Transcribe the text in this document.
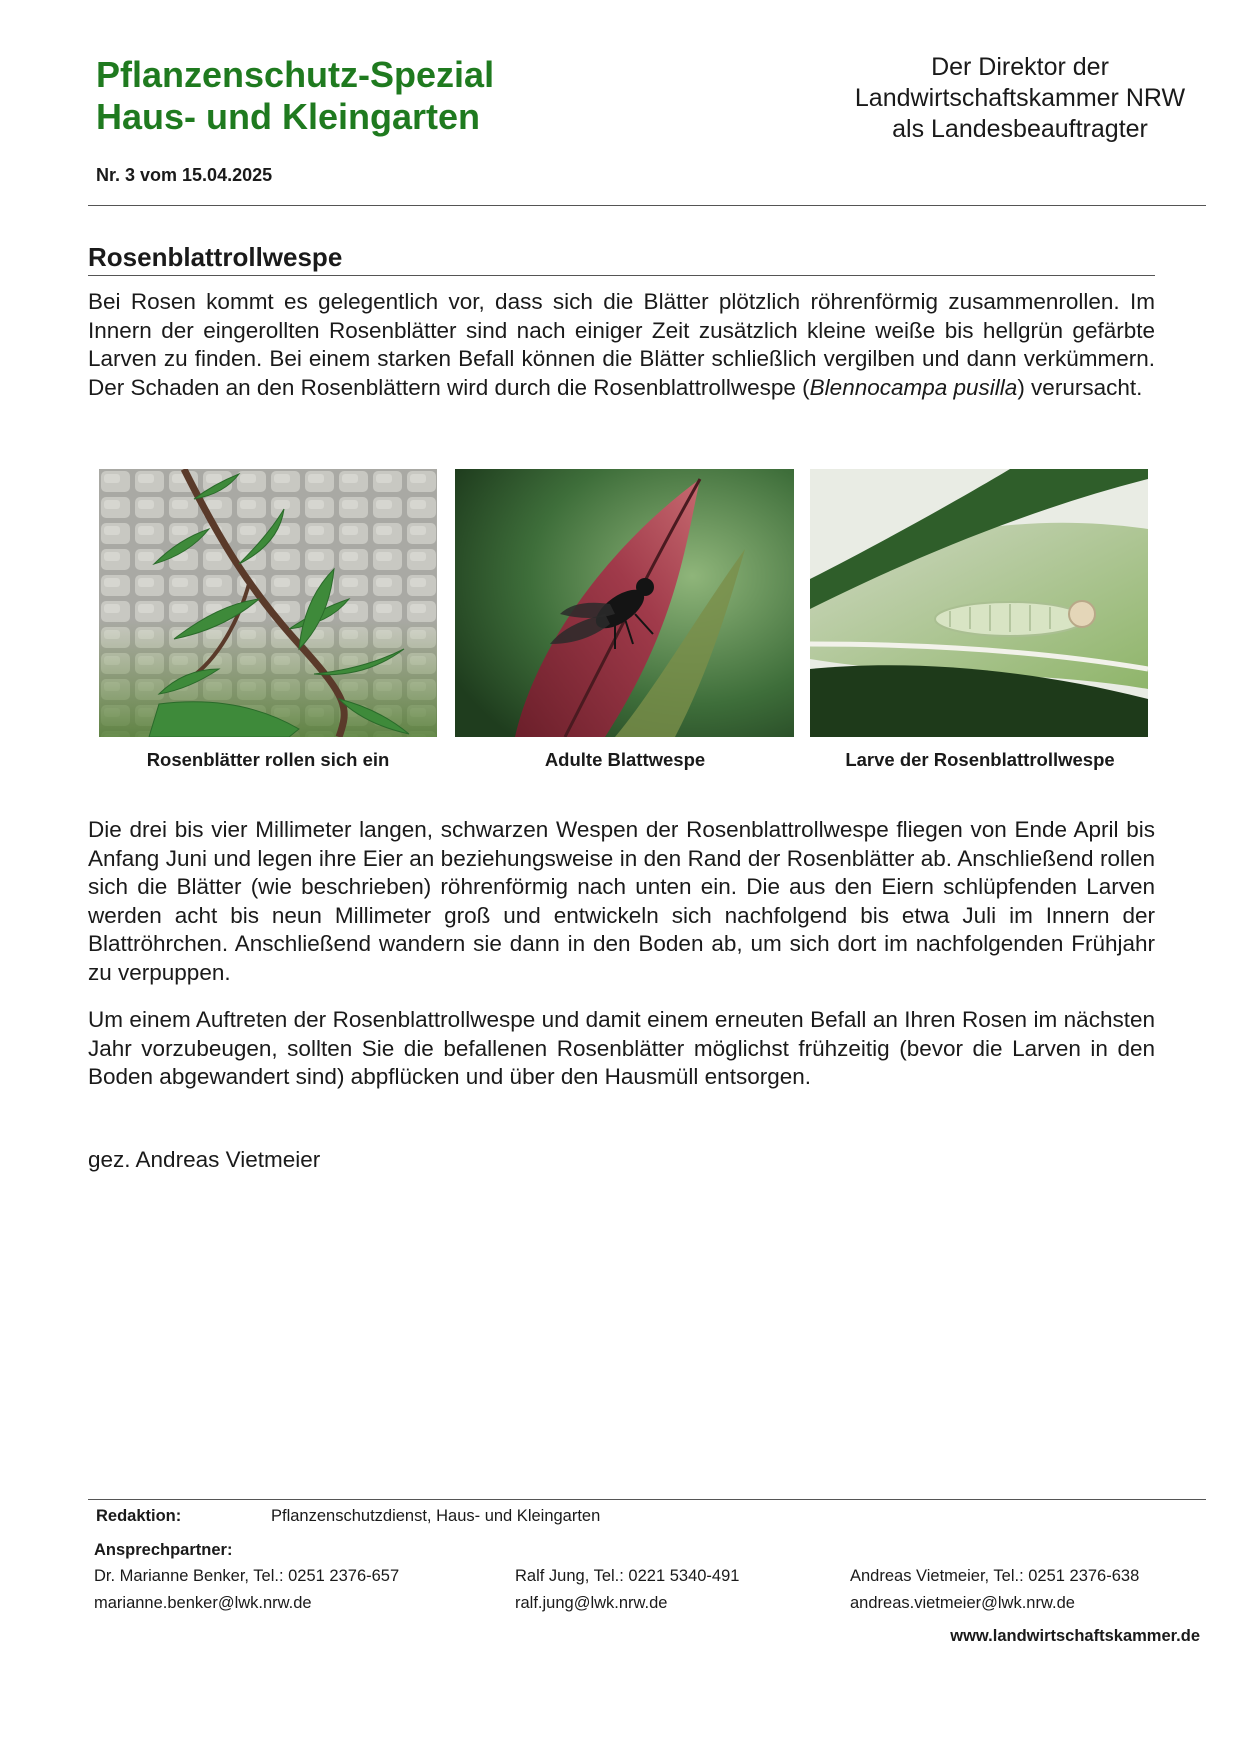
Pflanzenschutz-Spezial
Haus- und Kleingarten
Nr. 3 vom 15.04.2025
Der Direktor der
Landwirtschaftskammer NRW
als Landesbeauftragter
Rosenblattrollwespe

Bei Rosen kommt es gelegentlich vor, dass sich die Blätter plötzlich röhrenförmig zusammenrollen. Im Innern der eingerollten Rosenblätter sind nach einiger Zeit zusätzlich kleine weiße bis hellgrün gefärbte Larven zu finden. Bei einem starken Befall können die Blätter schließlich vergilben und dann verkümmern. Der Schaden an den Rosenblättern wird durch die Rosenblattrollwespe (Blennocampa pusilla) verursacht.

Rosenblätter rollen sich ein	Adulte Blattwespe	Larve der Rosenblattrollwespe

Die drei bis vier Millimeter langen, schwarzen Wespen der Rosenblattrollwespe fliegen von Ende April bis Anfang Juni und legen ihre Eier an beziehungsweise in den Rand der Rosenblätter ab. Anschließend rollen sich die Blätter (wie beschrieben) röhrenförmig nach unten ein. Die aus den Eiern schlüpfenden Larven werden acht bis neun Millimeter groß und entwickeln sich nachfolgend bis etwa Juli im Innern der Blattröhrchen. Anschließend wandern sie dann in den Boden ab, um sich dort im nachfolgenden Frühjahr zu verpuppen.

Um einem Auftreten der Rosenblattrollwespe und damit einem erneuten Befall an Ihren Rosen im nächsten Jahr vorzubeugen, sollten Sie die befallenen Rosenblätter möglichst frühzeitig (bevor die Larven in den Boden abgewandert sind) abpflücken und über den Hausmüll entsorgen.

gez. Andreas Vietmeier
Redaktion:	Pflanzenschutzdienst, Haus- und Kleingarten
Ansprechpartner:
Dr. Marianne Benker, Tel.: 0251 2376-657
marianne.benker@lwk.nrw.de
Ralf Jung, Tel.: 0221 5340-491
ralf.jung@lwk.nrw.de
Andreas Vietmeier, Tel.: 0251 2376-638
andreas.vietmeier@lwk.nrw.de
www.landwirtschaftskammer.de
